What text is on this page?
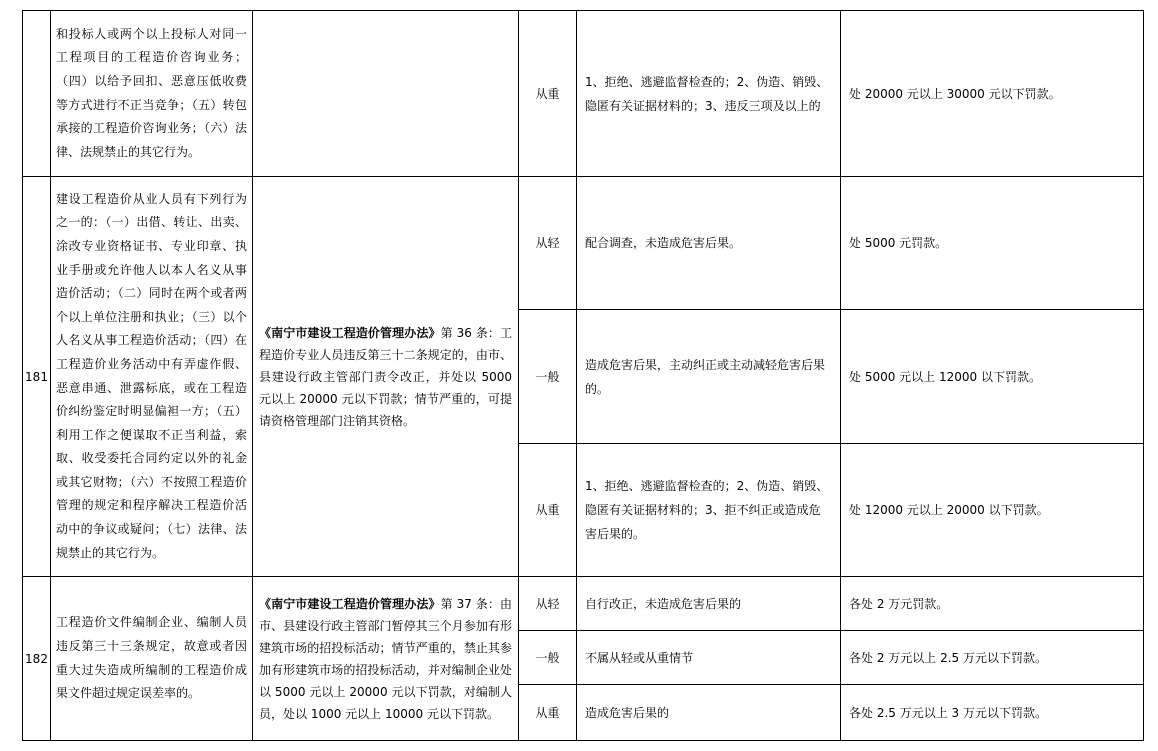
	和投标人或两个以上投标人对同一工程项目的工程造价咨询业务；（四）以给予回扣、恶意压低收费等方式进行不正当竞争；（五）转包承接的工程造价咨询业务；（六）法律、法规禁止的其它行为。		从重	1、拒绝、逃避监督检查的；2、伪造、销毁、隐匿有关证据材料的；3、违反三项及以上的	处 20000 元以上 30000 元以下罚款。
181	建设工程造价从业人员有下列行为之一的：（一）出借、转让、出卖、涂改专业资格证书、专业印章、执业手册或允许他人以本人名义从事造价活动；（二）同时在两个或者两个以上单位注册和执业；（三）以个人名义从事工程造价活动；（四）在工程造价业务活动中有弄虚作假、恶意串通、泄露标底，或在工程造价纠纷鉴定时明显偏袒一方；（五）利用工作之便谋取不正当利益，索取、收受委托合同约定以外的礼金或其它财物；（六）不按照工程造价管理的规定和程序解决工程造价活动中的争议或疑问；（七）法律、法规禁止的其它行为。	《南宁市建设工程造价管理办法》第 36 条：工程造价专业人员违反第三十二条规定的，由市、县建设行政主管部门责令改正，并处以 5000 元以上 20000 元以下罚款；情节严重的，可提请资格管理部门注销其资格。	从轻	配合调查，未造成危害后果。	处 5000 元罚款。
			一般	造成危害后果，主动纠正或主动减轻危害后果的。	处 5000 元以上 12000 以下罚款。
			从重	1、拒绝、逃避监督检查的；2、伪造、销毁、隐匿有关证据材料的；3、拒不纠正或造成危害后果的。	处 12000 元以上 20000 以下罚款。
182	工程造价文件编制企业、编制人员违反第三十三条规定，故意或者因重大过失造成所编制的工程造价成果文件超过规定误差率的。	《南宁市建设工程造价管理办法》第 37 条：由市、县建设行政主管部门暂停其三个月参加有形建筑市场的招投标活动；情节严重的，禁止其参加有形建筑市场的招投标活动，并对编制企业处以 5000 元以上 20000 元以下罚款，对编制人员，处以 1000 元以上 10000 元以下罚款。	从轻	自行改正，未造成危害后果的	各处 2 万元罚款。
			一般	不属从轻或从重情节	各处 2 万元以上 2.5 万元以下罚款。
			从重	造成危害后果的	各处 2.5 万元以上 3 万元以下罚款。
